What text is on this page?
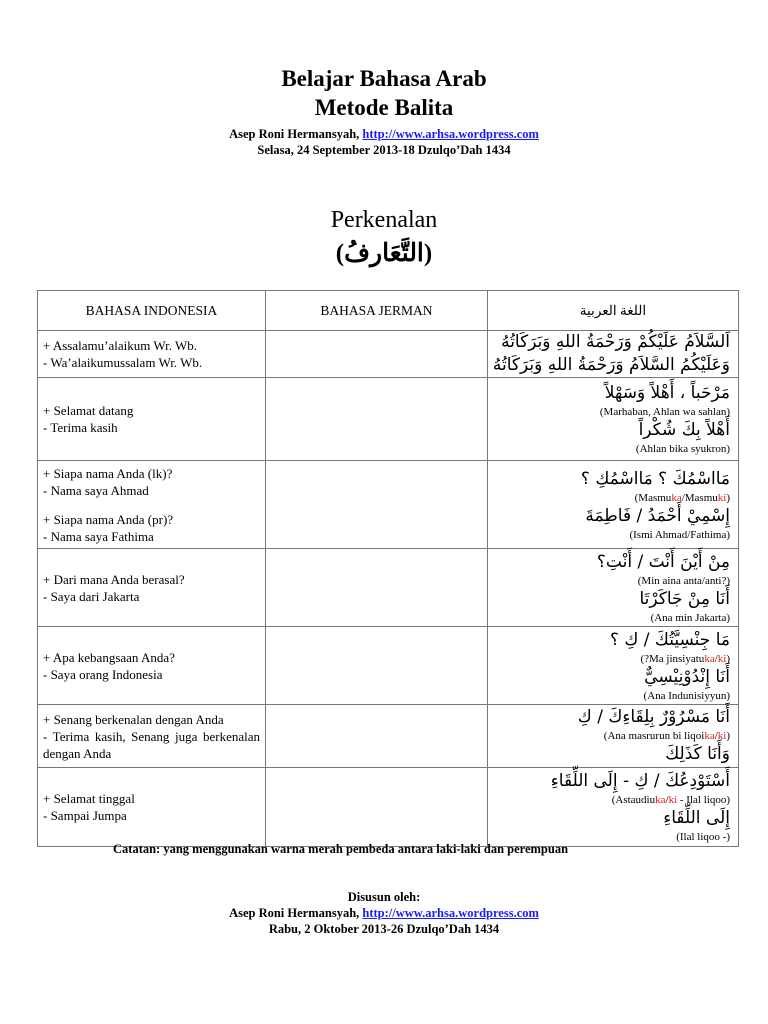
Belajar Bahasa Arab
Metode Balita
Asep Roni Hermansyah, http://www.arhsa.wordpress.com
Selasa, 24 September 2013-18 Dzulqo’Dah 1434
Perkenalan
(التَّعَارفُ)
BAHASA INDONESIA	BAHASA JERMAN	اللغة العربية

+ Assalamu’alaikum Wr. Wb.
- Wa’alaikumussalam Wr. Wb.		اَلسَّلاَمُ عَلَيْكُمْ وَرَحْمَةُ اللهِ وَبَرَكَاتُهُ
وَعَلَيْكُمُ السَّلاَمُ وَرَحْمَةُ اللهِ وَبَرَكَاتُهُ

+ Selamat datang
- Terima kasih		مَرْحَباً ، أَهْلاً وَسَهْلاً
(Marhaban, Ahlan wa sahlan)
أَهْلاً بِكَ شُكْراً
(Ahlan bika syukron)

+ Siapa nama Anda (lk)?
- Nama saya Ahmad
+ Siapa nama Anda (pr)?
- Nama saya Fathima		مَااسْمُكَ ؟ مَااسْمُكِ ؟
(Masmuka/Masmuki)
إِسْمِيْ أَحْمَدُ / فَاطِمَةَ
(Ismi Ahmad/Fathima)

+ Dari mana Anda berasal?
- Saya dari Jakarta		مِنْ أَيْنَ أَنْتَ / أَنْتِ؟
(Min aina anta/anti?)
أَنَا مِنْ جَاكَرْتَا
(Ana min Jakarta)

+ Apa kebangsaan Anda?
- Saya orang Indonesia		مَا جِنْسِيَّتُكَ / كِ ؟
(?Ma jinsiyatuka/ki)
أَنَا إِنْدُوْنِيْسِيٌّ
(Ana Indunisiyyun)

+ Senang berkenalan dengan Anda
- Terima kasih, Senang juga berkenalan dengan Anda		أَنَا مَسْرُوْرٌ بِلِقَاءِكَ / كِ
(Ana masrurun bi liqoika/ki)
وَأَنَا كَذَلِكَ

+ Selamat tinggal
- Sampai Jumpa		أَسْتَوْدِعُكَ / كِ - إِلَى اللِّقَاءِ
(Astaudiuka/ki - Ilal liqoo)
إِلَى اللِّقَاءِ
(Ilal liqoo -)
Catatan: yang menggunakan warna merah pembeda antara laki-laki dan perempuan
Disusun oleh:
Asep Roni Hermansyah, http://www.arhsa.wordpress.com
Rabu, 2 Oktober 2013-26 Dzulqo’Dah 1434
